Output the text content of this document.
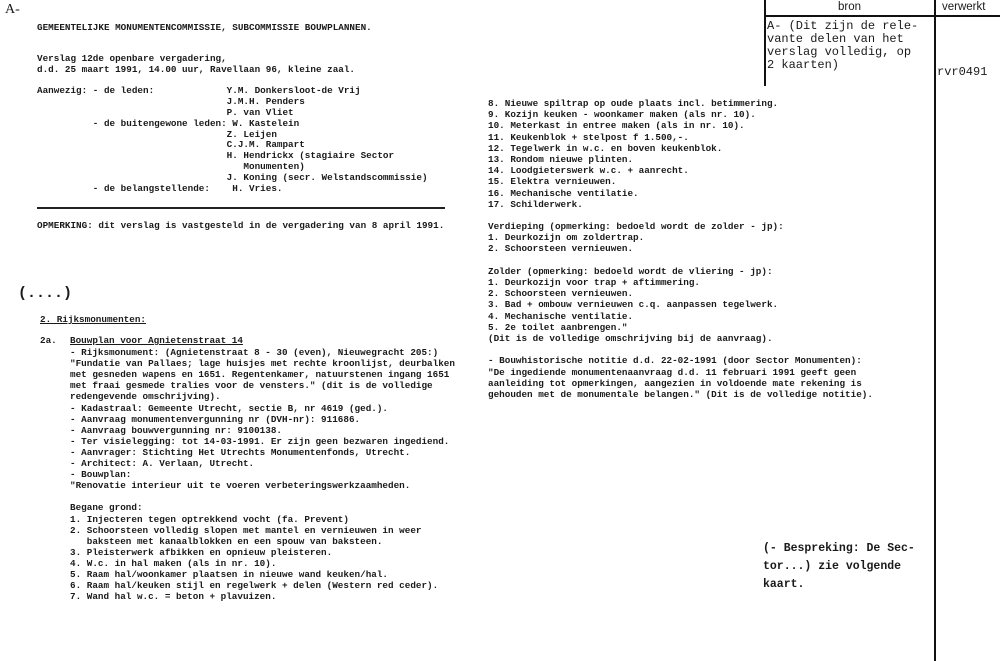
A-	bron	verwerkt
A- (Dit zijn de rele-
vante delen van het
verslag volledig, op
2 kaarten)	rvr0491
GEMEENTELIJKE MONUMENTENCOMMISSIE, SUBCOMMISSIE BOUWPLANNEN.
Verslag 12de openbare vergadering,
d.d. 25 maart 1991, 14.00 uur, Ravellaan 96, kleine zaal.
Aanwezig: - de leden:             Y.M. Donkersloot-de Vrij
J.M.H. Penders
P. van Vliet
- de buitengewone leden: W. Kastelein
Z. Leijen
C.J.M. Rampart
H. Hendrickx (stagiaire Sector
Monumenten)
J. Koning (secr. Welstandscommissie)
- de belangstellende:    H. Vries.
OPMERKING: dit verslag is vastgesteld in de vergadering van 8 april 1991.
(....)
2. Rijksmonumenten:
2a. Bouwplan voor Agnietenstraat 14
- Rijksmonument: (Agnietenstraat 8 - 30 (even), Nieuwegracht 205:)
"Fundatie van Pallaes; lage huisjes met rechte kroonlijst, deurbalken
met gesneden wapens en 1651. Regentenkamer, natuurstenen ingang 1651
met fraai gesmede tralies voor de vensters." (dit is de volledige
redengevende omschrijving).
- Kadastraal: Gemeente Utrecht, sectie B, nr 4619 (ged.).
- Aanvraag monumentenvergunning nr (DVH-nr): 911686.
- Aanvraag bouwvergunning nr: 9100138.
- Ter visielegging: tot 14-03-1991. Er zijn geen bezwaren ingediend.
- Aanvrager: Stichting Het Utrechts Monumentenfonds, Utrecht.
- Architect: A. Verlaan, Utrecht.
- Bouwplan:
"Renovatie interieur uit te voeren verbeteringswerkzaamheden.
Begane grond:
1. Injecteren tegen optrekkend vocht (fa. Prevent)
2. Schoorsteen volledig slopen met mantel en vernieuwen in weer
baksteen met kanaalblokken en een spouw van baksteen.
3. Pleisterwerk afbikken en opnieuw pleisteren.
4. W.c. in hal maken (als in nr. 10).
5. Raam hal/woonkamer plaatsen in nieuwe wand keuken/hal.
6. Raam hal/keuken stijl en regelwerk + delen (Western red ceder).
7. Wand hal w.c. = beton + plavuizen.
8. Nieuwe spiltrap op oude plaats incl. betimmering.
9. Kozijn keuken - woonkamer maken (als nr. 10).
10. Meterkast in entree maken (als in nr. 10).
11. Keukenblok + stelpost f 1.500,-.
12. Tegelwerk in w.c. en boven keukenblok.
13. Rondom nieuwe plinten.
14. Loodgieterswerk w.c. + aanrecht.
15. Elektra vernieuwen.
16. Mechanische ventilatie.
17. Schilderwerk.
Verdieping (opmerking: bedoeld wordt de zolder - jp):
1. Deurkozijn om zoldertrap.
2. Schoorsteen vernieuwen.
Zolder (opmerking: bedoeld wordt de vliering - jp):
1. Deurkozijn voor trap + aftimmering.
2. Schoorsteen vernieuwen.
3. Bad + ombouw vernieuwen c.q. aanpassen tegelwerk.
4. Mechanische ventilatie.
5. 2e toilet aanbrengen."
(Dit is de volledige omschrijving bij de aanvraag).
- Bouwhistorische notitie d.d. 22-02-1991 (door Sector Monumenten):
"De ingediende monumentenaanvraag d.d. 11 februari 1991 geeft geen
aanleiding tot opmerkingen, aangezien in voldoende mate rekening is
gehouden met de monumentale belangen." (Dit is de volledige notitie).
(- Bespreking: De Sec-
tor...) zie volgende
kaart.
